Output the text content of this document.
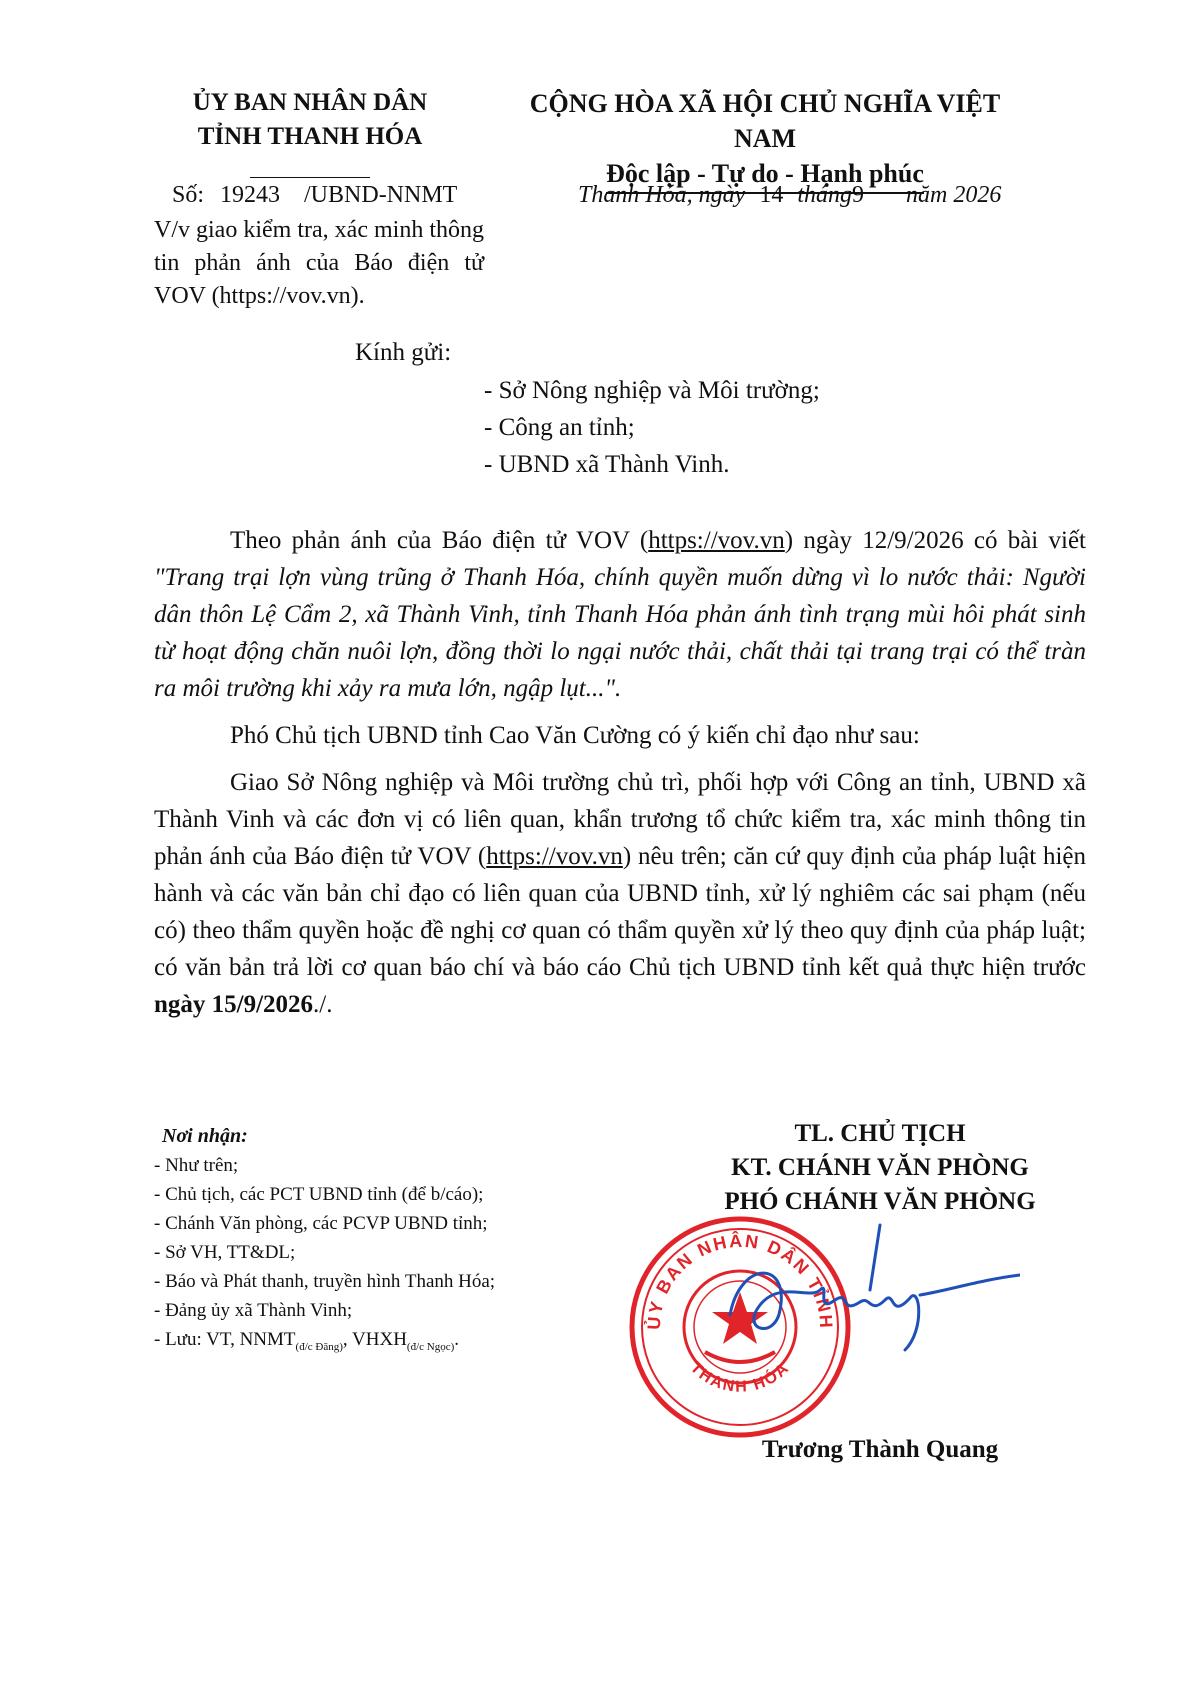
ỦY BAN NHÂN DÂN
TỈNH THANH HÓA
CỘNG HÒA XÃ HỘI CHỦ NGHĨA VIỆT NAM
Độc lập - Tự do - Hạnh phúc
Số: 19243 /UBND-NNMT	Thanh Hóa, ngày 14 tháng9 năm 2026
V/v giao kiểm tra, xác minh thông tin phản ánh của Báo điện tử VOV (https://vov.vn).
Kính gửi:
- Sở Nông nghiệp và Môi trường;
- Công an tỉnh;
- UBND xã Thành Vinh.

Theo phản ánh của Báo điện tử VOV (https://vov.vn) ngày 12/9/2026 có bài viết "Trang trại lợn vùng trũng ở Thanh Hóa, chính quyền muốn dừng vì lo nước thải: Người dân thôn Lệ Cẩm 2, xã Thành Vinh, tỉnh Thanh Hóa phản ánh tình trạng mùi hôi phát sinh từ hoạt động chăn nuôi lợn, đồng thời lo ngại nước thải, chất thải tại trang trại có thể tràn ra môi trường khi xảy ra mưa lớn, ngập lụt...".

Phó Chủ tịch UBND tỉnh Cao Văn Cường có ý kiến chỉ đạo như sau:

Giao Sở Nông nghiệp và Môi trường chủ trì, phối hợp với Công an tỉnh, UBND xã Thành Vinh và các đơn vị có liên quan, khẩn trương tổ chức kiểm tra, xác minh thông tin phản ánh của Báo điện tử VOV (https://vov.vn) nêu trên; căn cứ quy định của pháp luật hiện hành và các văn bản chỉ đạo có liên quan của UBND tỉnh, xử lý nghiêm các sai phạm (nếu có) theo thẩm quyền hoặc đề nghị cơ quan có thẩm quyền xử lý theo quy định của pháp luật; có văn bản trả lời cơ quan báo chí và báo cáo Chủ tịch UBND tỉnh kết quả thực hiện trước ngày 15/9/2026./.

Nơi nhận:
- Như trên;
- Chủ tịch, các PCT UBND tỉnh (để b/cáo);
- Chánh Văn phòng, các PCVP UBND tỉnh;
- Sở VH, TT&DL;
- Báo và Phát thanh, truyền hình Thanh Hóa;
- Đảng ủy xã Thành Vinh;
- Lưu: VT, $NNMT_{(đ/c Đăng)}$, $VHXH_{(đ/c Ngọc)}$.
TL. CHỦ TỊCH
KT. CHÁNH VĂN PHÒNG
PHÓ CHÁNH VĂN PHÒNG
ỦY BAN NHÂN DÂN TỈNH
THANH HÓA
Trương Thành Quang
